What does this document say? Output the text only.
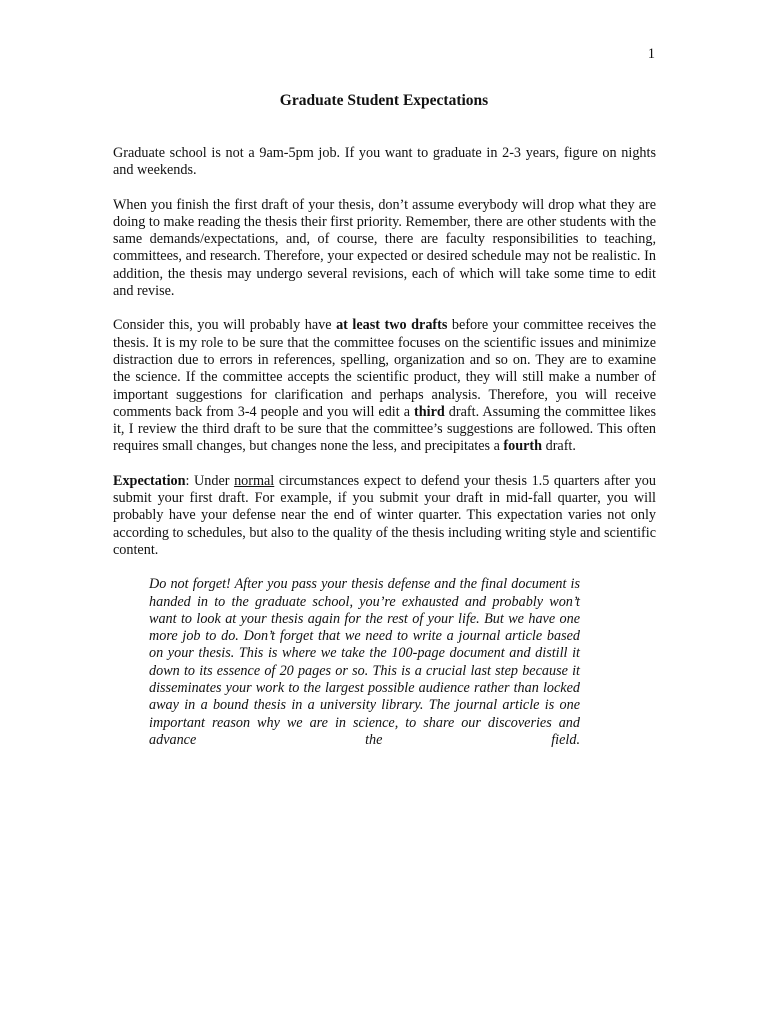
1
Graduate Student Expectations

Graduate school is not a 9am-5pm job. If you want to graduate in 2-3 years, figure on nights and weekends.

When you finish the first draft of your thesis, don’t assume everybody will drop what they are doing to make reading the thesis their first priority. Remember, there are other students with the same demands/expectations, and, of course, there are faculty responsibilities to teaching, committees, and research. Therefore, your expected or desired schedule may not be realistic. In addition, the thesis may undergo several revisions, each of which will take some time to edit and revise.

Consider this, you will probably have at least two drafts before your committee receives the thesis. It is my role to be sure that the committee focuses on the scientific issues and minimize distraction due to errors in references, spelling, organization and so on. They are to examine the science. If the committee accepts the scientific product, they will still make a number of important suggestions for clarification and perhaps analysis. Therefore, you will receive comments back from 3-4 people and you will edit a third draft. Assuming the committee likes it, I review the third draft to be sure that the committee’s suggestions are followed. This often requires small changes, but changes none the less, and precipitates a fourth draft.

Expectation: Under normal circumstances expect to defend your thesis 1.5 quarters after you submit your first draft. For example, if you submit your draft in mid-fall quarter, you will probably have your defense near the end of winter quarter. This expectation varies not only according to schedules, but also to the quality of the thesis including writing style and scientific content.

Do not forget! After you pass your thesis defense and the final document is handed in to the graduate school, you’re exhausted and probably won’t want to look at your thesis again for the rest of your life. But we have one more job to do. Don’t forget that we need to write a journal article based on your thesis. This is where we take the 100-page document and distill it down to its essence of 20 pages or so. This is a crucial last step because it disseminates your work to the largest possible audience rather than locked away in a bound thesis in a university library. The journal article is one important reason why we are in science, to share our discoveries and advance the field.
